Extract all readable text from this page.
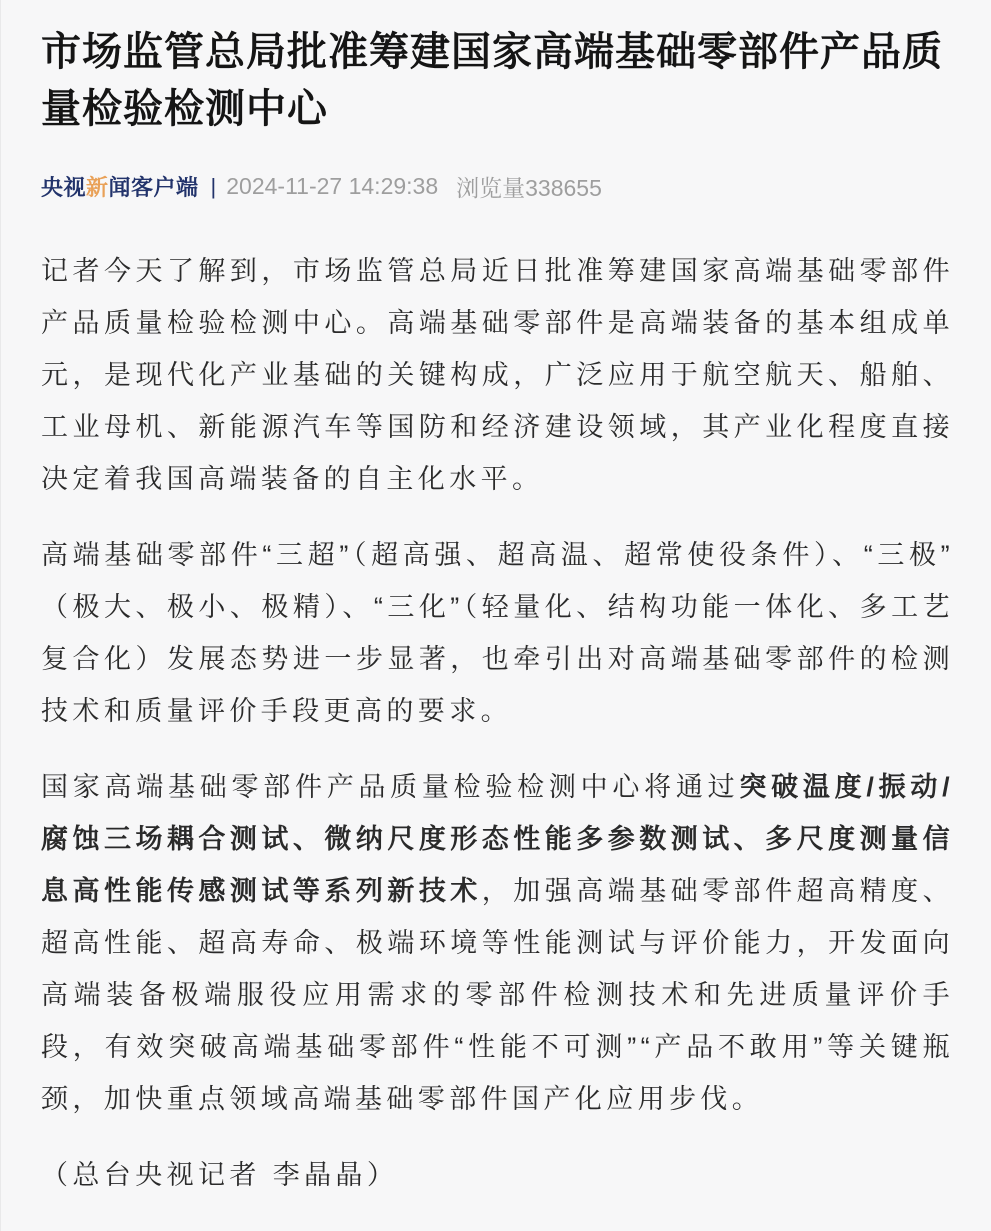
市场监管总局批准筹建国家高端基础零部件产品质量检验检测中心
央视新闻客户端 | 2024-11-27 14:29:38 浏览量338655

记者今天了解到，市场监管总局近日批准筹建国家高端基础零部件产品质量检验检测中心。高端基础零部件是高端装备的基本组成单元，是现代化产业基础的关键构成，广泛应用于航空航天、船舶、工业母机、新能源汽车等国防和经济建设领域，其产业化程度直接决定着我国高端装备的自主化水平。

高端基础零部件“三超”（超高强、超高温、超常使役条件）、“三极”（极大、极小、极精）、“三化”（轻量化、结构功能一体化、多工艺复合化）发展态势进一步显著，也牵引出对高端基础零部件的检测技术和质量评价手段更高的要求。

国家高端基础零部件产品质量检验检测中心将通过突破温度/振动/腐蚀三场耦合测试、微纳尺度形态性能多参数测试、多尺度测量信息高性能传感测试等系列新技术，加强高端基础零部件超高精度、超高性能、超高寿命、极端环境等性能测试与评价能力，开发面向高端装备极端服役应用需求的零部件检测技术和先进质量评价手段，有效突破高端基础零部件“性能不可测”“产品不敢用”等关键瓶颈，加快重点领域高端基础零部件国产化应用步伐。

（总台央视记者 李晶晶）
